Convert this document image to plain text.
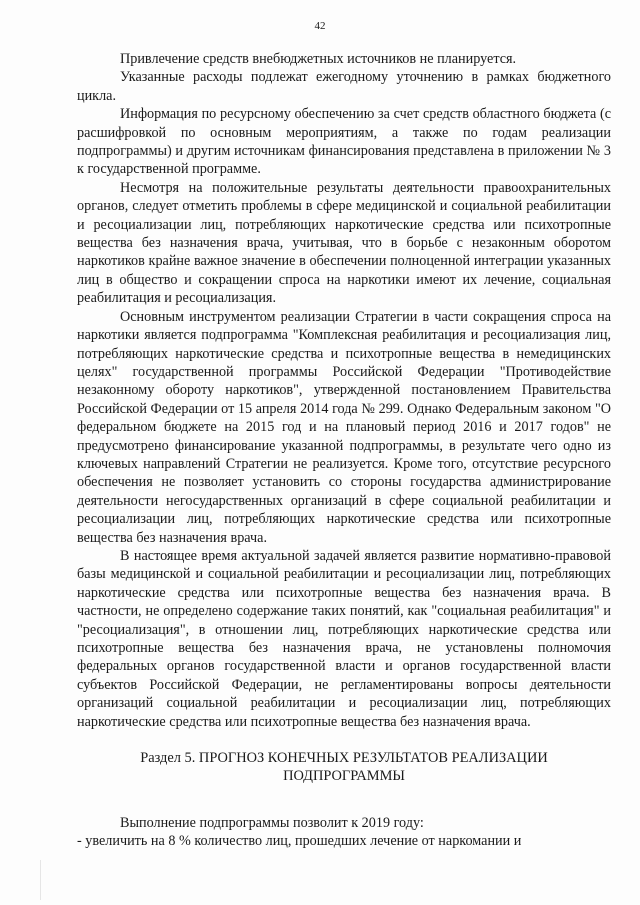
42

Привлечение средств внебюджетных источников не планируется.

Указанные расходы подлежат ежегодному уточнению в рамках бюджетного цикла.

Информация по ресурсному обеспечению за счет средств областного бюджета (с расшифровкой по основным мероприятиям, а также по годам реализации подпрограммы) и другим источникам финансирования представлена в приложении № 3 к государственной программе.

Несмотря на положительные результаты деятельности правоохранительных органов, следует отметить проблемы в сфере медицинской и социальной реабилитации и ресоциализации лиц, потребляющих наркотические средства или психотропные вещества без назначения врача, учитывая, что в борьбе с незаконным оборотом наркотиков крайне важное значение в обеспечении полноценной интеграции указанных лиц в общество и сокращении спроса на наркотики имеют их лечение, социальная реабилитация и ресоциализация.

Основным инструментом реализации Стратегии в части сокращения спроса на наркотики является подпрограмма "Комплексная реабилитация и ресоциализация лиц, потребляющих наркотические средства и психотропные вещества в немедицинских целях" государственной программы Российской Федерации "Противодействие незаконному обороту наркотиков", утвержденной постановлением Правительства Российской Федерации от 15 апреля 2014 года № 299. Однако Федеральным законом "О федеральном бюджете на 2015 год и на плановый период 2016 и 2017 годов" не предусмотрено финансирование указанной подпрограммы, в результате чего одно из ключевых направлений Стратегии не реализуется. Кроме того, отсутствие ресурсного обеспечения не позволяет установить со стороны государства администрирование деятельности негосударственных организаций в сфере социальной реабилитации и ресоциализации лиц, потребляющих наркотические средства или психотропные вещества без назначения врача.

В настоящее время актуальной задачей является развитие нормативно-правовой базы медицинской и социальной реабилитации и ресоциализации лиц, потребляющих наркотические средства или психотропные вещества без назначения врача. В частности, не определено содержание таких понятий, как "социальная реабилитация" и "ресоциализация", в отношении лиц, потребляющих наркотические средства или психотропные вещества без назначения врача, не установлены полномочия федеральных органов государственной власти и органов государственной власти субъектов Российской Федерации, не регламентированы вопросы деятельности организаций социальной реабилитации и ресоциализации лиц, потребляющих наркотические средства или психотропные вещества без назначения врача.

Раздел 5. ПРОГНОЗ КОНЕЧНЫХ РЕЗУЛЬТАТОВ РЕАЛИЗАЦИИ
ПОДПРОГРАММЫ

Выполнение подпрограммы позволит к 2019 году:

- увеличить на 8 % количество лиц, прошедших лечение от наркомании и
